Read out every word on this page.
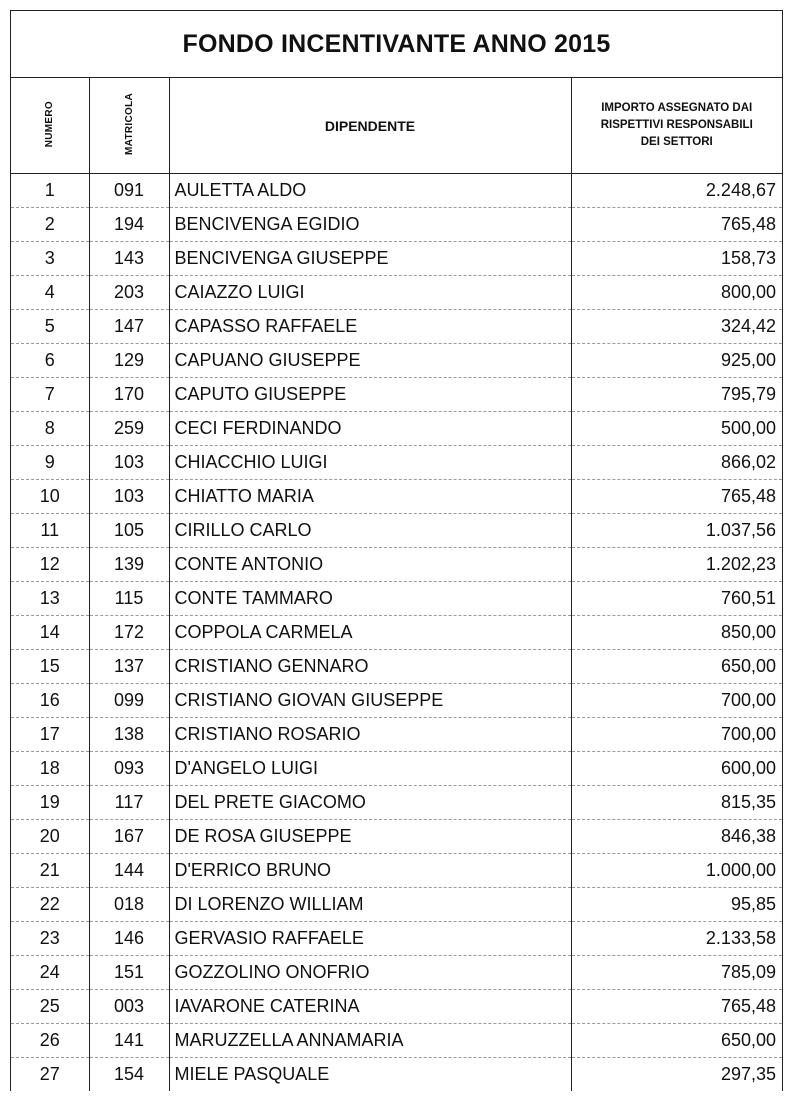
FONDO INCENTIVANTE ANNO 2015
NUMERO	MATRICOLA	DIPENDENTE	IMPORTO ASSEGNATO DAI
RISPETTIVI RESPONSABILI
DEI SETTORI

1	091	AULETTA ALDO	2.248,67
2	194	BENCIVENGA EGIDIO	765,48
3	143	BENCIVENGA GIUSEPPE	158,73
4	203	CAIAZZO LUIGI	800,00
5	147	CAPASSO RAFFAELE	324,42
6	129	CAPUANO GIUSEPPE	925,00
7	170	CAPUTO GIUSEPPE	795,79
8	259	CECI FERDINANDO	500,00
9	103	CHIACCHIO LUIGI	866,02
10	103	CHIATTO MARIA	765,48
11	105	CIRILLO CARLO	1.037,56
12	139	CONTE ANTONIO	1.202,23
13	115	CONTE TAMMARO	760,51
14	172	COPPOLA CARMELA	850,00
15	137	CRISTIANO GENNARO	650,00
16	099	CRISTIANO GIOVAN GIUSEPPE	700,00
17	138	CRISTIANO ROSARIO	700,00
18	093	D'ANGELO LUIGI	600,00
19	117	DEL PRETE GIACOMO	815,35
20	167	DE ROSA GIUSEPPE	846,38
21	144	D'ERRICO BRUNO	1.000,00
22	018	DI LORENZO WILLIAM	95,85
23	146	GERVASIO RAFFAELE	2.133,58
24	151	GOZZOLINO ONOFRIO	785,09
25	003	IAVARONE CATERINA	765,48
26	141	MARUZZELLA ANNAMARIA	650,00
27	154	MIELE PASQUALE	297,35
